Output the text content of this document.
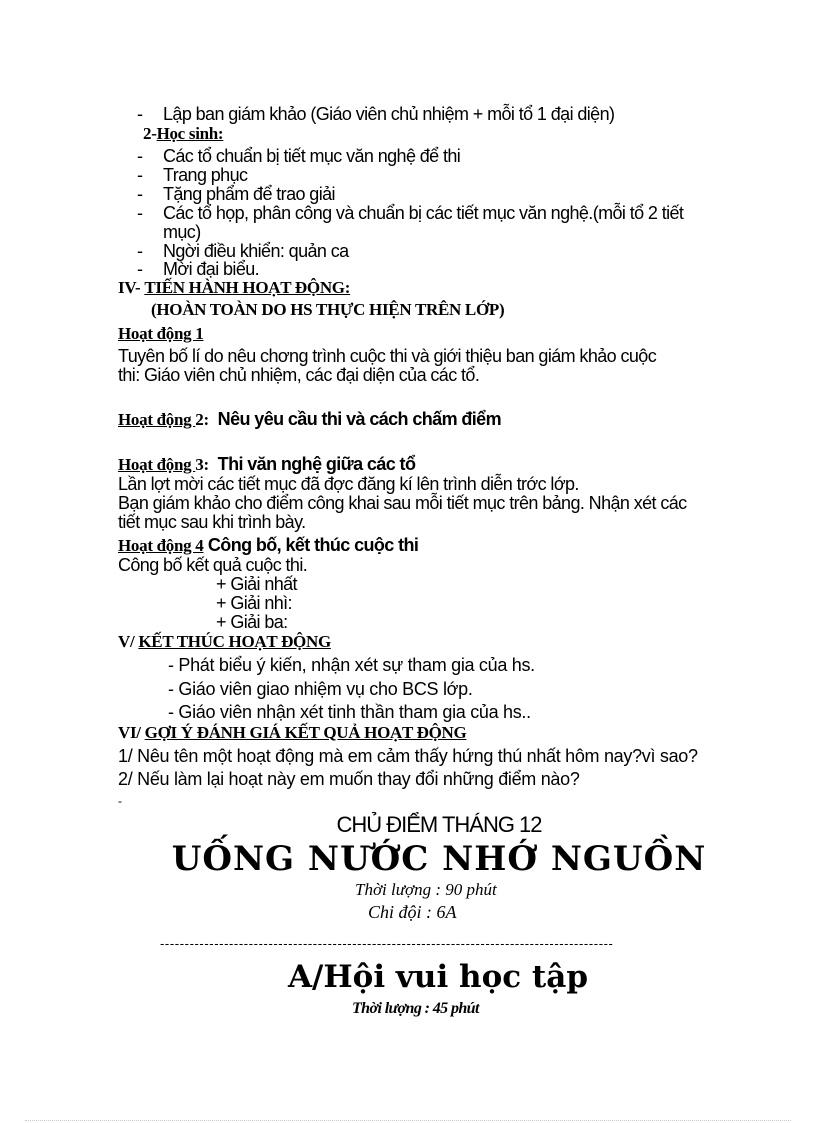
- Lập ban giám khảo (Giáo viên chủ nhiệm + mỗi tổ 1 đại diện)
2-Học sinh:
- Các tổ chuẩn bị tiết mục văn nghệ để thi
- Trang phục
- Tặng phẩm để trao giải
- Các tổ họp, phân công và chuẩn bị các tiết mục văn nghệ.(mỗi tổ 2 tiết
mục)
- Ngời điều khiển: quản ca
- Mời đại biểu.
IV- TIẾN HÀNH HOẠT ĐỘNG:
(HOÀN TOÀN DO HS THỰC HIỆN TRÊN LỚP)
Hoạt động 1
Tuyên bố lí do nêu chơng trình cuộc thi và giới thiệu ban giám khảo cuộc
thi: Giáo viên chủ nhiệm, các đại diện của các tổ.
Hoạt động 2: Nêu yêu cầu thi và cách chấm điểm
Hoạt động 3: Thi văn nghệ giữa các tổ
Lần lợt mời các tiết mục đã đợc đăng kí lên trình diễn trớc lớp.
Bạn giám khảo cho điểm công khai sau mỗi tiết mục trên bảng. Nhận xét các
tiết mục sau khi trình bày.
Hoạt động 4 Công bố, kết thúc cuộc thi
Công bố kết quả cuộc thi.
+ Giải nhất
+ Giải nhì:
+ Giải ba:
V/ KẾT THÚC HOẠT ĐỘNG
- Phát biểu ý kiến, nhận xét sự tham gia của hs.
- Giáo viên giao nhiệm vụ cho BCS lớp.
- Giáo viên nhận xét tinh thần tham gia của hs..
VI/ GỢI Ý ĐÁNH GIÁ KẾT QUẢ HOẠT ĐỘNG
1/ Nêu tên một hoạt động mà em cảm thấy hứng thú nhất hôm nay?vì sao?
2/ Nếu làm lại hoạt này em muốn thay đổi những điểm nào?
-
CHỦ ĐIỂM THÁNG 12
UỐNG NƯỚC NHỚ NGUỒN
Thời lượng : 90 phút
Chi đội : 6A
--------------------------------------------------------------------------------------------
A/Hội vui học tập
Thời lượng : 45 phút
